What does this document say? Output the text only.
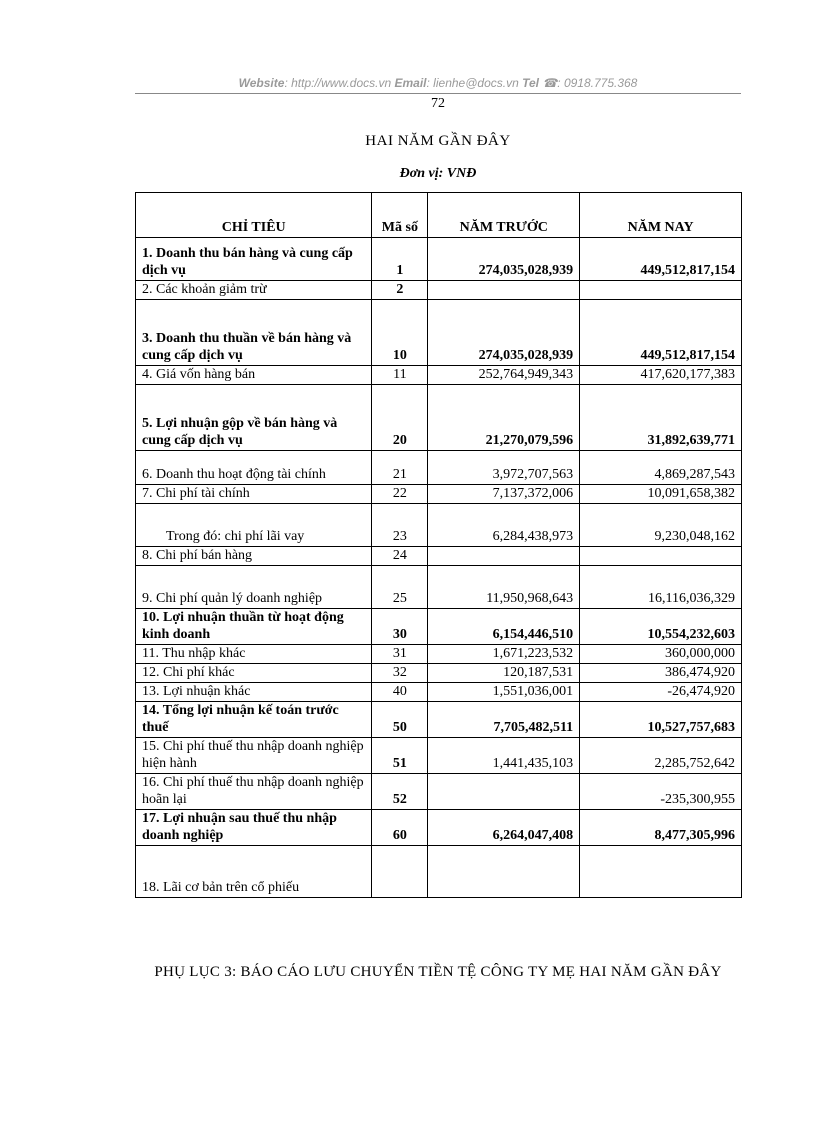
Website: http://www.docs.vn Email: lienhe@docs.vn Tel ☎: 0918.775.368
72
HAI NĂM GẦN ĐÂY
Đơn vị: VNĐ
CHỈ TIÊU	Mã số	NĂM TRƯỚC	NĂM NAY
1. Doanh thu bán hàng và cung cấp dịch vụ	1	274,035,028,939	449,512,817,154
2. Các khoản giảm trừ	2		
3. Doanh thu thuần về bán hàng và cung cấp dịch vụ	10	274,035,028,939	449,512,817,154
4. Giá vốn hàng bán	11	252,764,949,343	417,620,177,383
5. Lợi nhuận gộp về bán hàng và cung cấp dịch vụ	20	21,270,079,596	31,892,639,771
6. Doanh thu hoạt động tài chính	21	3,972,707,563	4,869,287,543
7. Chi phí tài chính	22	7,137,372,006	10,091,658,382
Trong đó: chi phí lãi vay	23	6,284,438,973	9,230,048,162
8. Chi phí bán hàng	24		
9. Chi phí quản lý doanh nghiệp	25	11,950,968,643	16,116,036,329
10. Lợi nhuận thuần từ hoạt động kinh doanh	30	6,154,446,510	10,554,232,603
11. Thu nhập khác	31	1,671,223,532	360,000,000
12. Chi phí khác	32	120,187,531	386,474,920
13. Lợi nhuận khác	40	1,551,036,001	-26,474,920
14. Tổng lợi nhuận kế toán trước thuế	50	7,705,482,511	10,527,757,683
15. Chi phí thuế thu nhập doanh nghiệp hiện hành	51	1,441,435,103	2,285,752,642
16. Chi phí thuế thu nhập doanh nghiệp hoãn lại	52		-235,300,955
17. Lợi nhuận sau thuế thu nhập doanh nghiệp	60	6,264,047,408	8,477,305,996
18. Lãi cơ bản trên cổ phiếu			
PHỤ LỤC 3: BÁO CÁO LƯU CHUYỂN TIỀN TỆ CÔNG TY MẸ HAI NĂM GẦN ĐÂY
